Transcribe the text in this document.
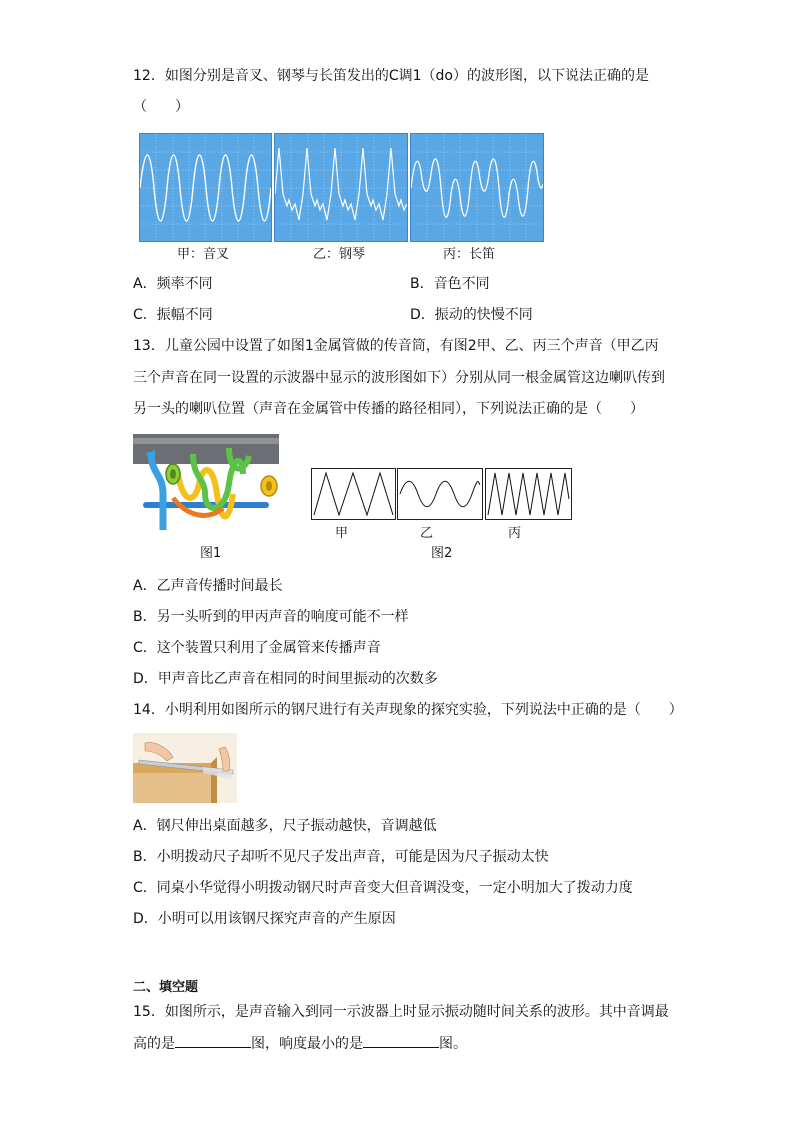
12．如图分别是音叉、钢琴与长笛发出的C调1（do）的波形图，以下说法正确的是
（　　）
甲：音叉	乙：钢琴	丙：长笛
A．频率不同	B．音色不同
C．振幅不同	D．振动的快慢不同
13．儿童公园中设置了如图1金属管做的传音筒，有图2甲、乙、丙三个声音（甲乙丙
三个声音在同一设置的示波器中显示的波形图如下）分别从同一根金属管这边喇叭传到
另一头的喇叭位置（声音在金属管中传播的路径相同），下列说法正确的是（　　）
图1
甲	乙	丙
图2
A．乙声音传播时间最长
B．另一头听到的甲丙声音的响度可能不一样
C．这个装置只利用了金属管来传播声音
D．甲声音比乙声音在相同的时间里振动的次数多
14．小明利用如图所示的钢尺进行有关声现象的探究实验，下列说法中正确的是（　　）
A．钢尺伸出桌面越多，尺子振动越快，音调越低
B．小明拨动尺子却听不见尺子发出声音，可能是因为尺子振动太快
C．同桌小华觉得小明拨动钢尺时声音变大但音调没变，一定小明加大了拨动力度
D．小明可以用该钢尺探究声音的产生原因
二、填空题
15．如图所示，是声音输入到同一示波器上时显示振动随时间关系的波形。其中音调最
高的是	图，响度最小的是	图。
